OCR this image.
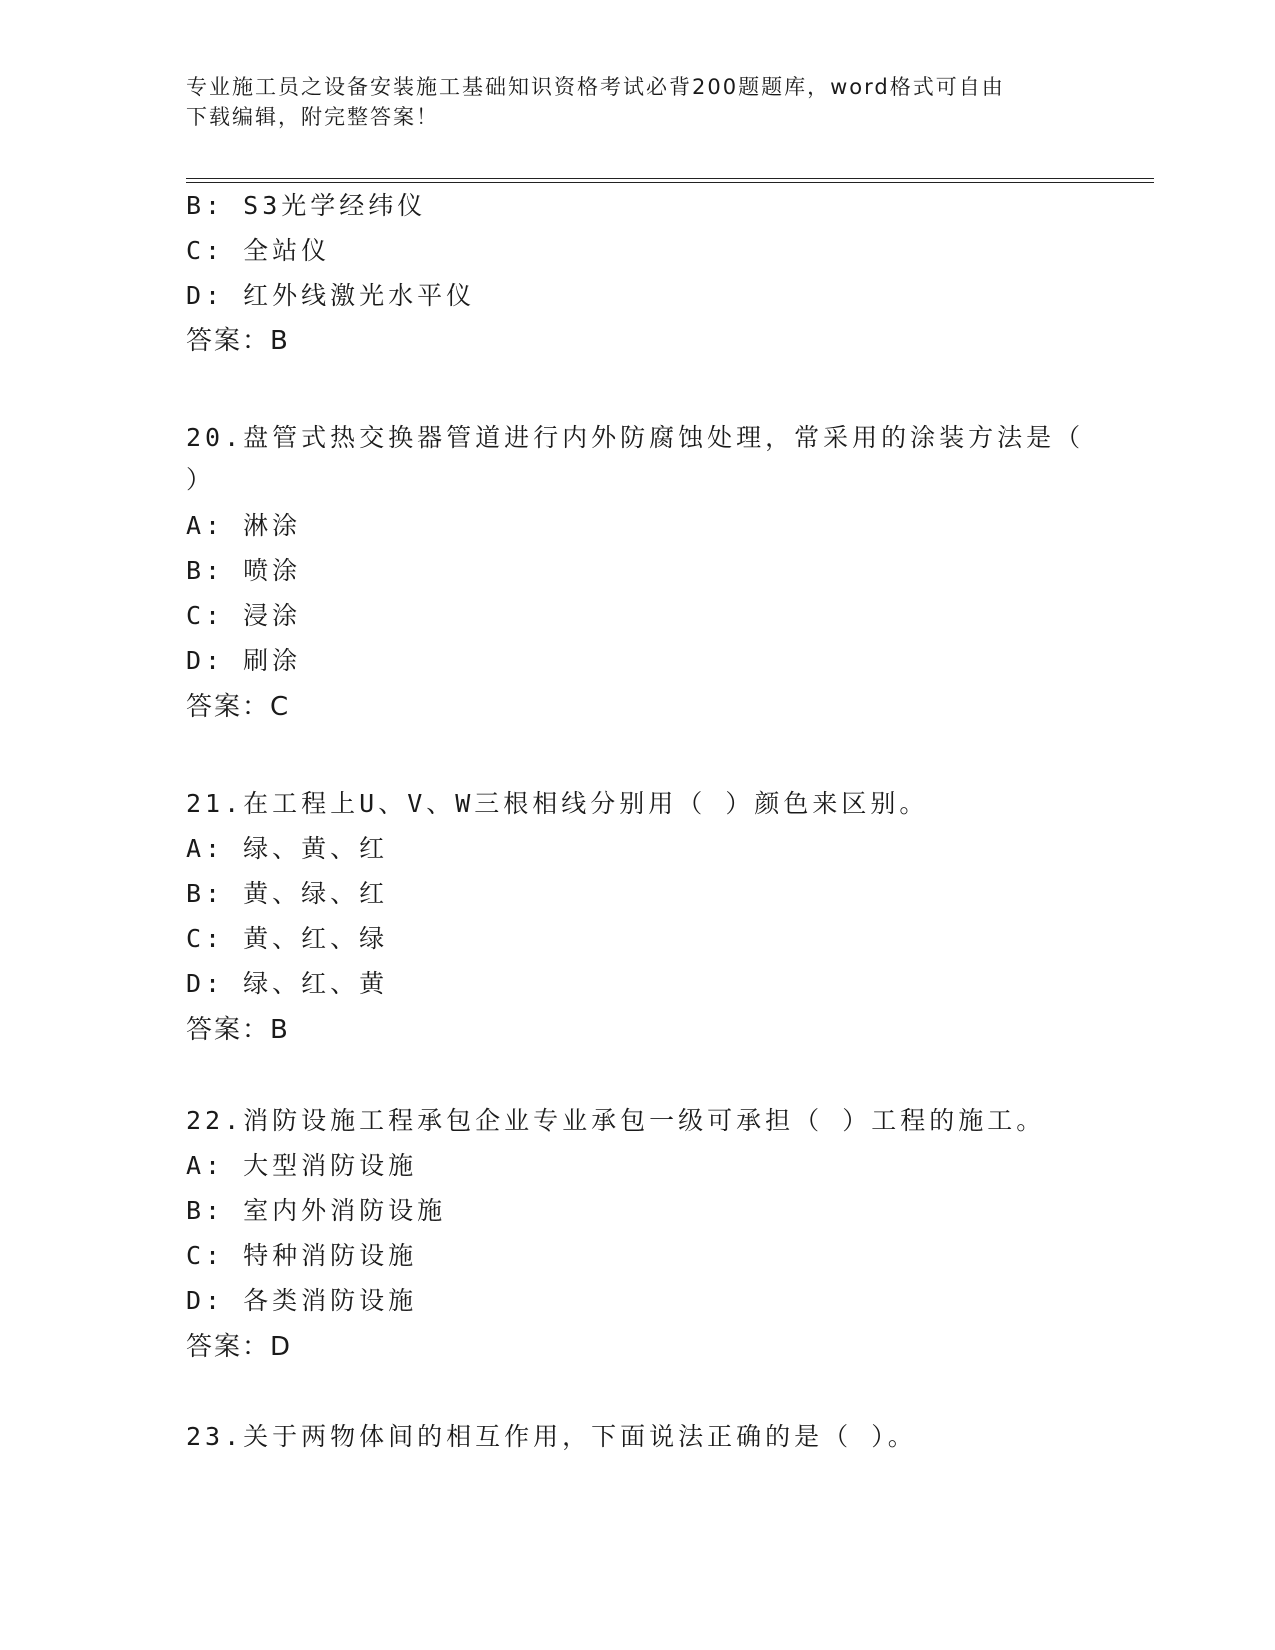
专业施工员之设备安装施工基础知识资格考试必背200题题库，word格式可自由
下载编辑，附完整答案！
B: S3光学经纬仪
C: 全站仪
D: 红外线激光水平仪
答案：B
20.盘管式热交换器管道进行内外防腐蚀处理，常采用的涂装方法是（
）
A: 淋涂
B: 喷涂
C: 浸涂
D: 刷涂
答案：C
21.在工程上U、V、W三根相线分别用（ ）颜色来区别。
A: 绿、黄、红
B: 黄、绿、红
C: 黄、红、绿
D: 绿、红、黄
答案：B
22.消防设施工程承包企业专业承包一级可承担（ ）工程的施工。
A: 大型消防设施
B: 室内外消防设施
C: 特种消防设施
D: 各类消防设施
答案：D
23.关于两物体间的相互作用，下面说法正确的是（ ）。
